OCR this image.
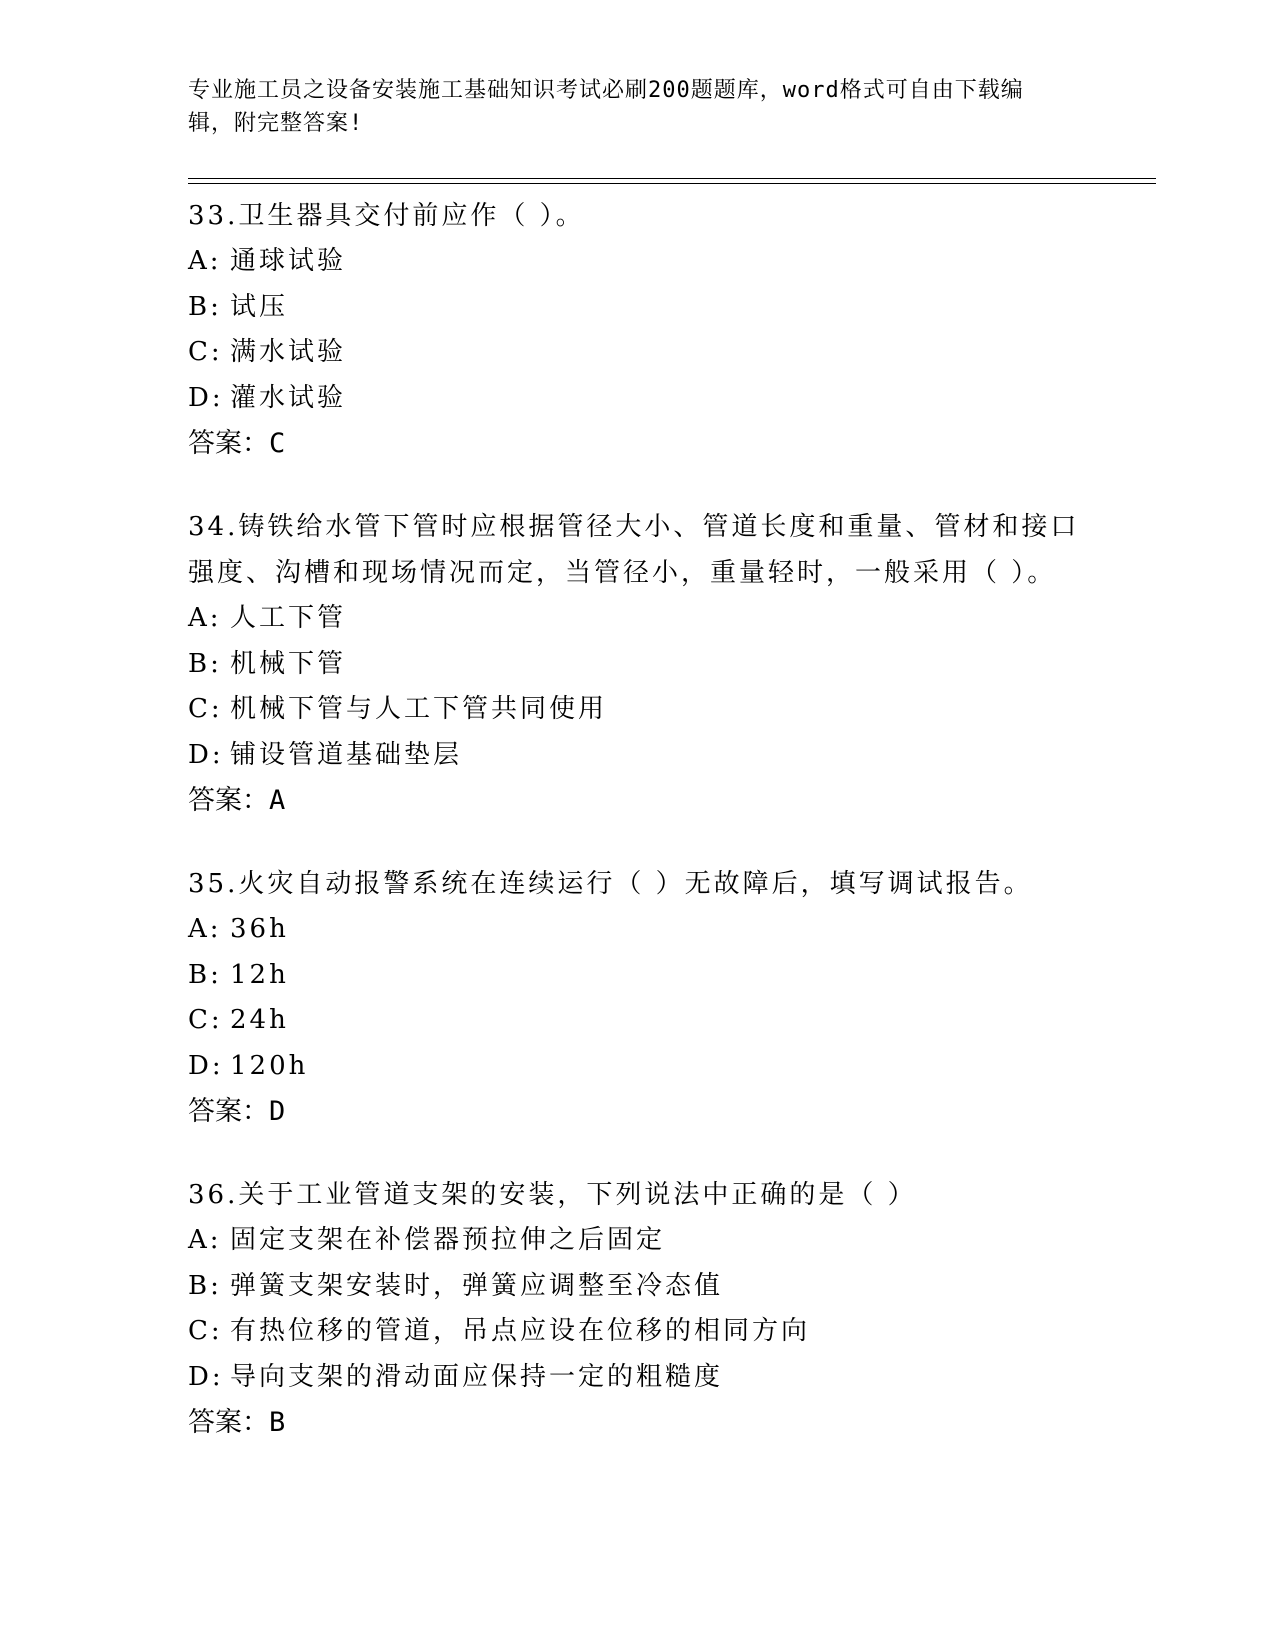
专业施工员之设备安装施工基础知识考试必刷200题题库，word格式可自由下载编辑，附完整答案!
33.卫生器具交付前应作（ ）。
A: 通球试验
B: 试压
C: 满水试验
D: 灌水试验
答案：C
34.铸铁给水管下管时应根据管径大小、管道长度和重量、管材和接口强度、沟槽和现场情况而定，当管径小，重量轻时，一般采用（ ）。
A: 人工下管
B: 机械下管
C: 机械下管与人工下管共同使用
D: 铺设管道基础垫层
答案：A
35.火灾自动报警系统在连续运行（ ）无故障后，填写调试报告。
A: 36h
B: 12h
C: 24h
D: 120h
答案：D
36.关于工业管道支架的安装，下列说法中正确的是（ ）
A: 固定支架在补偿器预拉伸之后固定
B: 弹簧支架安装时，弹簧应调整至冷态值
C: 有热位移的管道，吊点应设在位移的相同方向
D: 导向支架的滑动面应保持一定的粗糙度
答案：B
